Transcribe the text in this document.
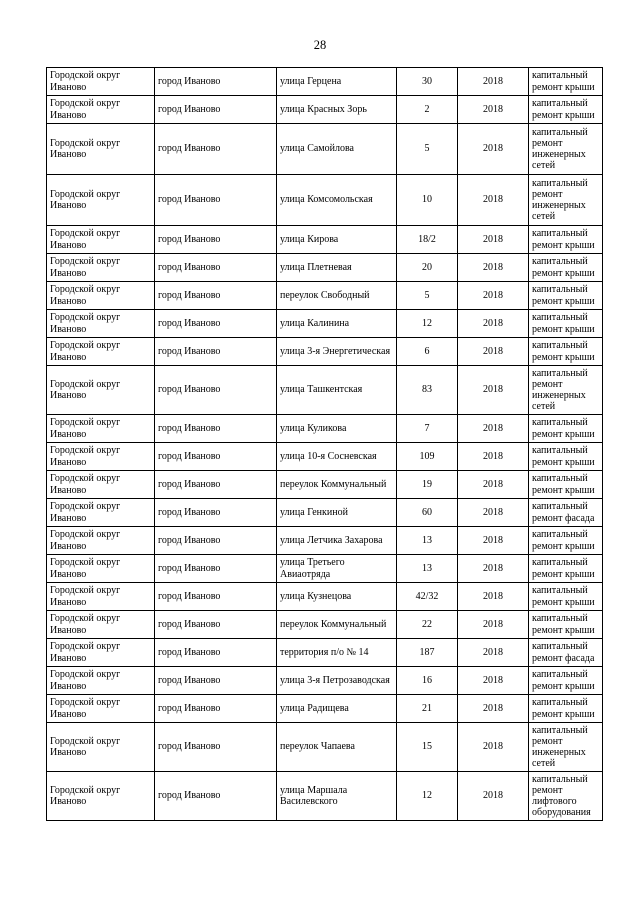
28
Городской округ Иваново	город Иваново	улица Герцена	30	2018	капитальный ремонт крыши
Городской округ Иваново	город Иваново	улица Красных Зорь	2	2018	капитальный ремонт крыши
Городской округ Иваново	город Иваново	улица Самойлова	5	2018	капитальный ремонт инженерных сетей
Городской округ Иваново	город Иваново	улица Комсомольская	10	2018	капитальный ремонт инженерных сетей
Городской округ Иваново	город Иваново	улица Кирова	18/2	2018	капитальный ремонт крыши
Городской округ Иваново	город Иваново	улица Плетневая	20	2018	капитальный ремонт крыши
Городской округ Иваново	город Иваново	переулок Свободный	5	2018	капитальный ремонт крыши
Городской округ Иваново	город Иваново	улица Калинина	12	2018	капитальный ремонт крыши
Городской округ Иваново	город Иваново	улица 3-я Энергетическая	6	2018	капитальный ремонт крыши
Городской округ Иваново	город Иваново	улица Ташкентская	83	2018	капитальный ремонт инженерных сетей
Городской округ Иваново	город Иваново	улица Куликова	7	2018	капитальный ремонт крыши
Городской округ Иваново	город Иваново	улица 10-я Сосневская	109	2018	капитальный ремонт крыши
Городской округ Иваново	город Иваново	переулок Коммунальный	19	2018	капитальный ремонт крыши
Городской округ Иваново	город Иваново	улица Генкиной	60	2018	капитальный ремонт фасада
Городской округ Иваново	город Иваново	улица Летчика Захарова	13	2018	капитальный ремонт крыши
Городской округ Иваново	город Иваново	улица Третьего Авиаотряда	13	2018	капитальный ремонт крыши
Городской округ Иваново	город Иваново	улица Кузнецова	42/32	2018	капитальный ремонт крыши
Городской округ Иваново	город Иваново	переулок Коммунальный	22	2018	капитальный ремонт крыши
Городской округ Иваново	город Иваново	территория п/о № 14	187	2018	капитальный ремонт фасада
Городской округ Иваново	город Иваново	улица 3-я Петрозаводская	16	2018	капитальный ремонт крыши
Городской округ Иваново	город Иваново	улица Радищева	21	2018	капитальный ремонт крыши
Городской округ Иваново	город Иваново	переулок Чапаева	15	2018	капитальный ремонт инженерных сетей
Городской округ Иваново	город Иваново	улица Маршала Василевского	12	2018	капитальный ремонт лифтового оборудования
